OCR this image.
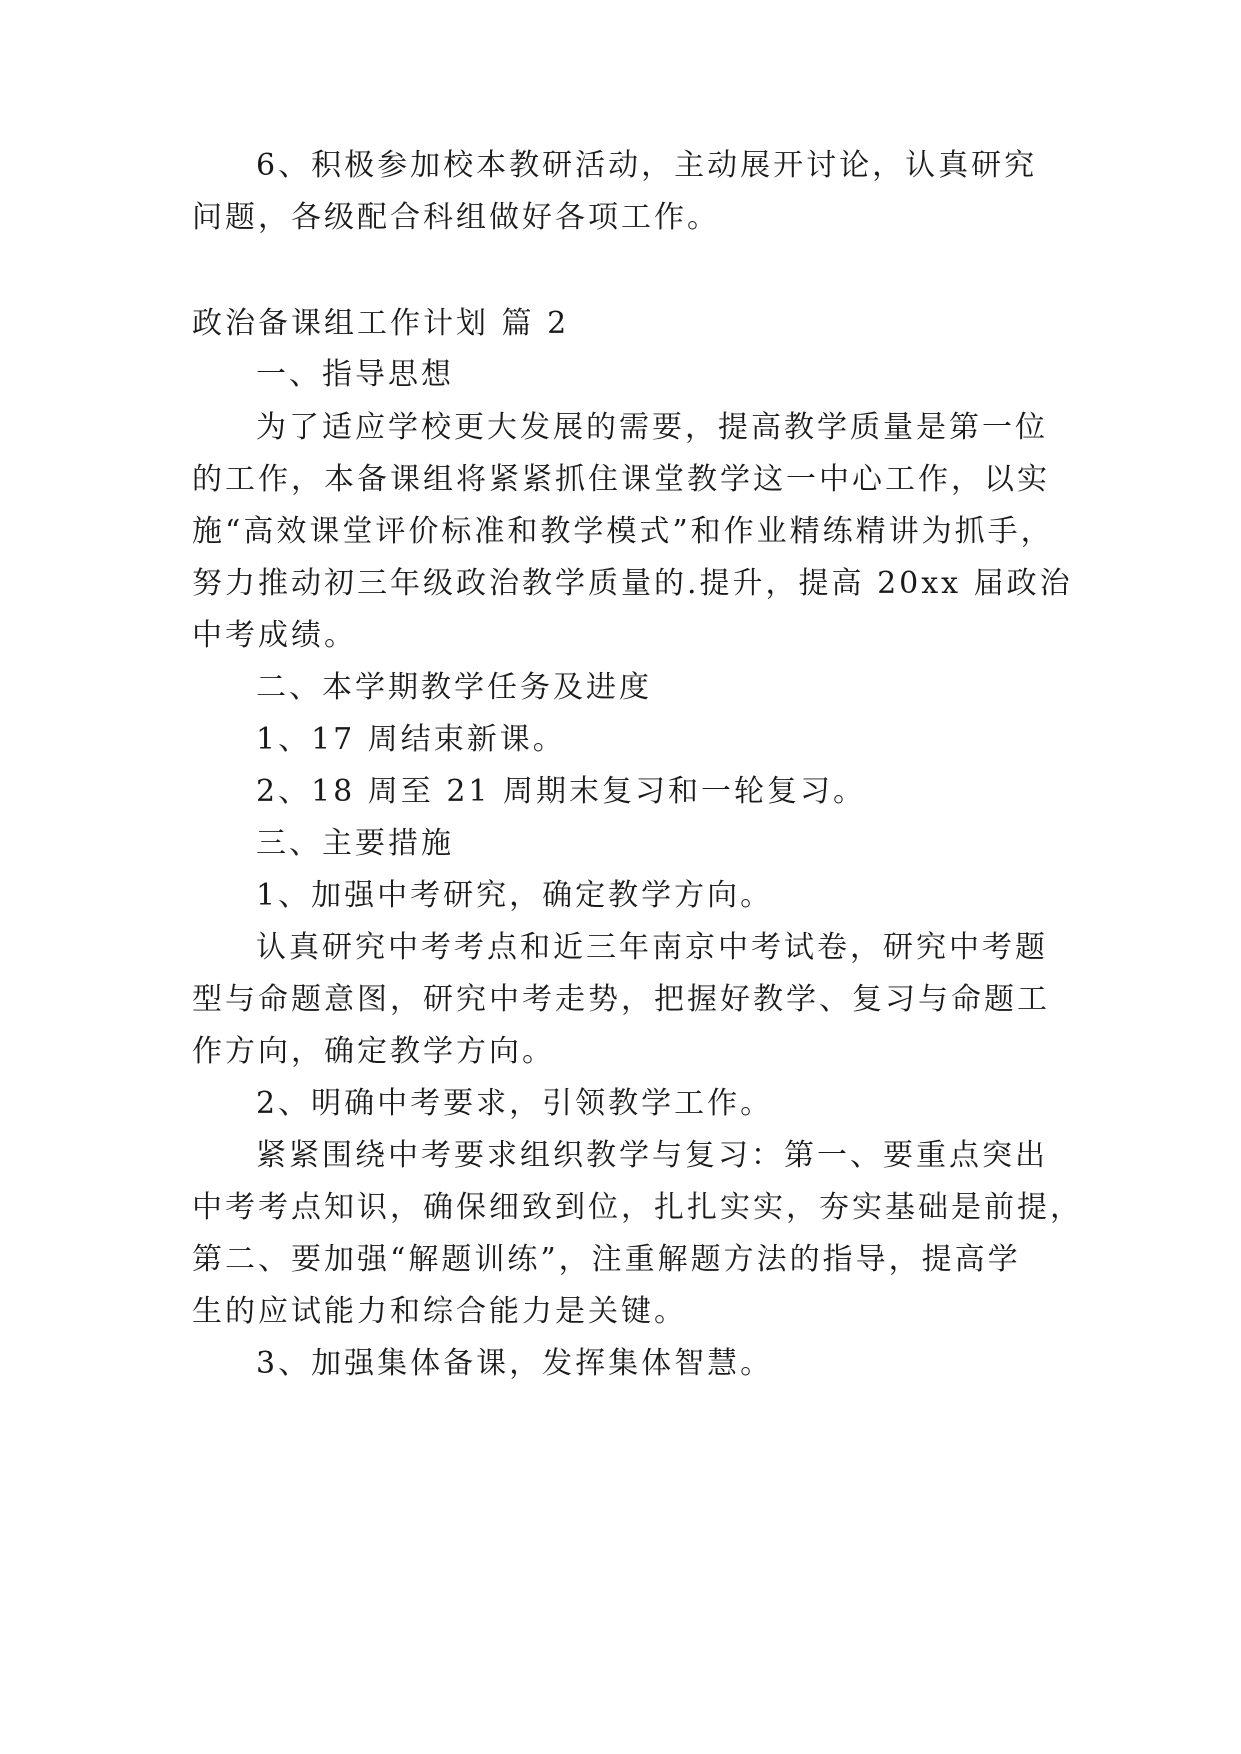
6、积极参加校本教研活动，主动展开讨论，认真研究
问题，各级配合科组做好各项工作。
政治备课组工作计划 篇 2
一、指导思想
为了适应学校更大发展的需要，提高教学质量是第一位
的工作，本备课组将紧紧抓住课堂教学这一中心工作，以实
施“高效课堂评价标准和教学模式”和作业精练精讲为抓手，
努力推动初三年级政治教学质量的.提升，提高 20xx 届政治
中考成绩。
二、本学期教学任务及进度
1、17 周结束新课。
2、18 周至 21 周期末复习和一轮复习。
三、主要措施
1、加强中考研究，确定教学方向。
认真研究中考考点和近三年南京中考试卷，研究中考题
型与命题意图，研究中考走势，把握好教学、复习与命题工
作方向，确定教学方向。
2、明确中考要求，引领教学工作。
紧紧围绕中考要求组织教学与复习：第一、要重点突出
中考考点知识，确保细致到位，扎扎实实，夯实基础是前提，
第二、要加强“解题训练”，注重解题方法的指导，提高学
生的应试能力和综合能力是关键。
3、加强集体备课，发挥集体智慧。
